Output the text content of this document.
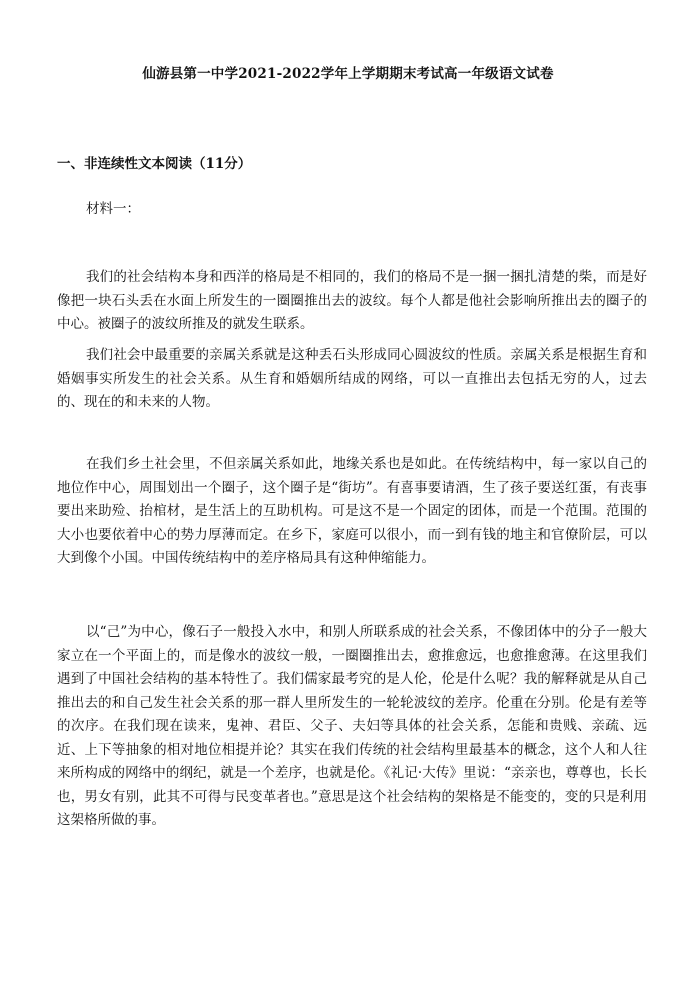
仙游县第一中学2021-2022学年上学期期末考试高一年级语文试卷
一、非连续性文本阅读（11分）
材料一：

我们的社会结构本身和西洋的格局是不相同的，我们的格局不是一捆一捆扎清楚的柴，而是好像把一块石头丢在水面上所发生的一圈圈推出去的波纹。每个人都是他社会影响所推出去的圈子的中心。被圈子的波纹所推及的就发生联系。

我们社会中最重要的亲属关系就是这种丢石头形成同心圆波纹的性质。亲属关系是根据生育和婚姻事实所发生的社会关系。从生育和婚姻所结成的网络，可以一直推出去包括无穷的人，过去的、现在的和未来的人物。

在我们乡土社会里，不但亲属关系如此，地缘关系也是如此。在传统结构中，每一家以自己的地位作中心，周围划出一个圈子，这个圈子是“街坊”。有喜事要请酒，生了孩子要送红蛋，有丧事要出来助殓、抬棺材，是生活上的互助机构。可是这不是一个固定的团体，而是一个范围。范围的大小也要依着中心的势力厚薄而定。在乡下，家庭可以很小，而一到有钱的地主和官僚阶层，可以大到像个小国。中国传统结构中的差序格局具有这种伸缩能力。

以“己”为中心，像石子一般投入水中，和别人所联系成的社会关系，不像团体中的分子一般大家立在一个平面上的，而是像水的波纹一般，一圈圈推出去，愈推愈远，也愈推愈薄。在这里我们遇到了中国社会结构的基本特性了。我们儒家最考究的是人伦，伦是什么呢？我的解释就是从自己推出去的和自己发生社会关系的那一群人里所发生的一轮轮波纹的差序。伦重在分别。伦是有差等的次序。在我们现在读来，鬼神、君臣、父子、夫妇等具体的社会关系，怎能和贵贱、亲疏、远近、上下等抽象的相对地位相提并论？其实在我们传统的社会结构里最基本的概念，这个人和人往来所构成的网络中的纲纪，就是一个差序，也就是伦。《礼记·大传》里说：“亲亲也，尊尊也，长长也，男女有别，此其不可得与民变革者也。”意思是这个社会结构的架格是不能变的，变的只是利用这架格所做的事。
